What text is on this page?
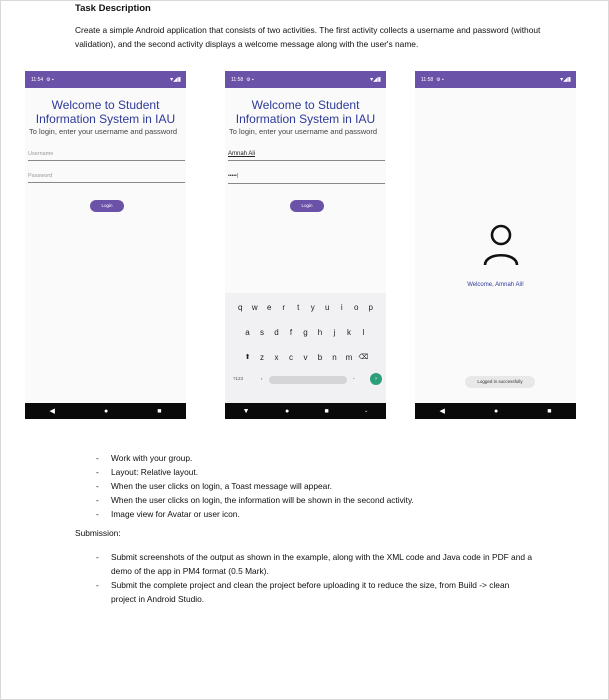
Task Description
Create a simple Android application that consists of two activities. The first activity collects a username and password (without validation), and the second activity displays a welcome message along with the user's name.
11:54 ⚙ ▪	▾◢▮
Welcome to Student
Information System in IAU
To login, enter your username and password
Username
Password
Login
◀	●	■
11:58 ⚙ ▪	▾◢▮
Welcome to Student
Information System in IAU
To login, enter your username and password
Amnah Ali
•••••|
Login
q	w	e	r	t	y	u	i	o	p
a	s	d	f	g	h	j	k	l
⬆	z	x	c	v	b	n	m ⌫
?123	,	.	›
▼	●	■	⌄
11:58 ⚙ ▪	▾◢▮
Welcome, Amnah Ali!
Logged in successfully
◀	●	■
- Work with your group.
- Layout: Relative layout.
- When the user clicks on login, a Toast message will appear.
- When the user clicks on login, the information will be shown in the second activity.
- Image view for Avatar or user icon.
Submission:
- Submit screenshots of the output as shown in the example, along with the XML code and Java code in PDF and a demo of the app in PM4 format (0.5 Mark).
- Submit the complete project and clean the project before uploading it to reduce the size, from Build -> clean project in Android Studio.
